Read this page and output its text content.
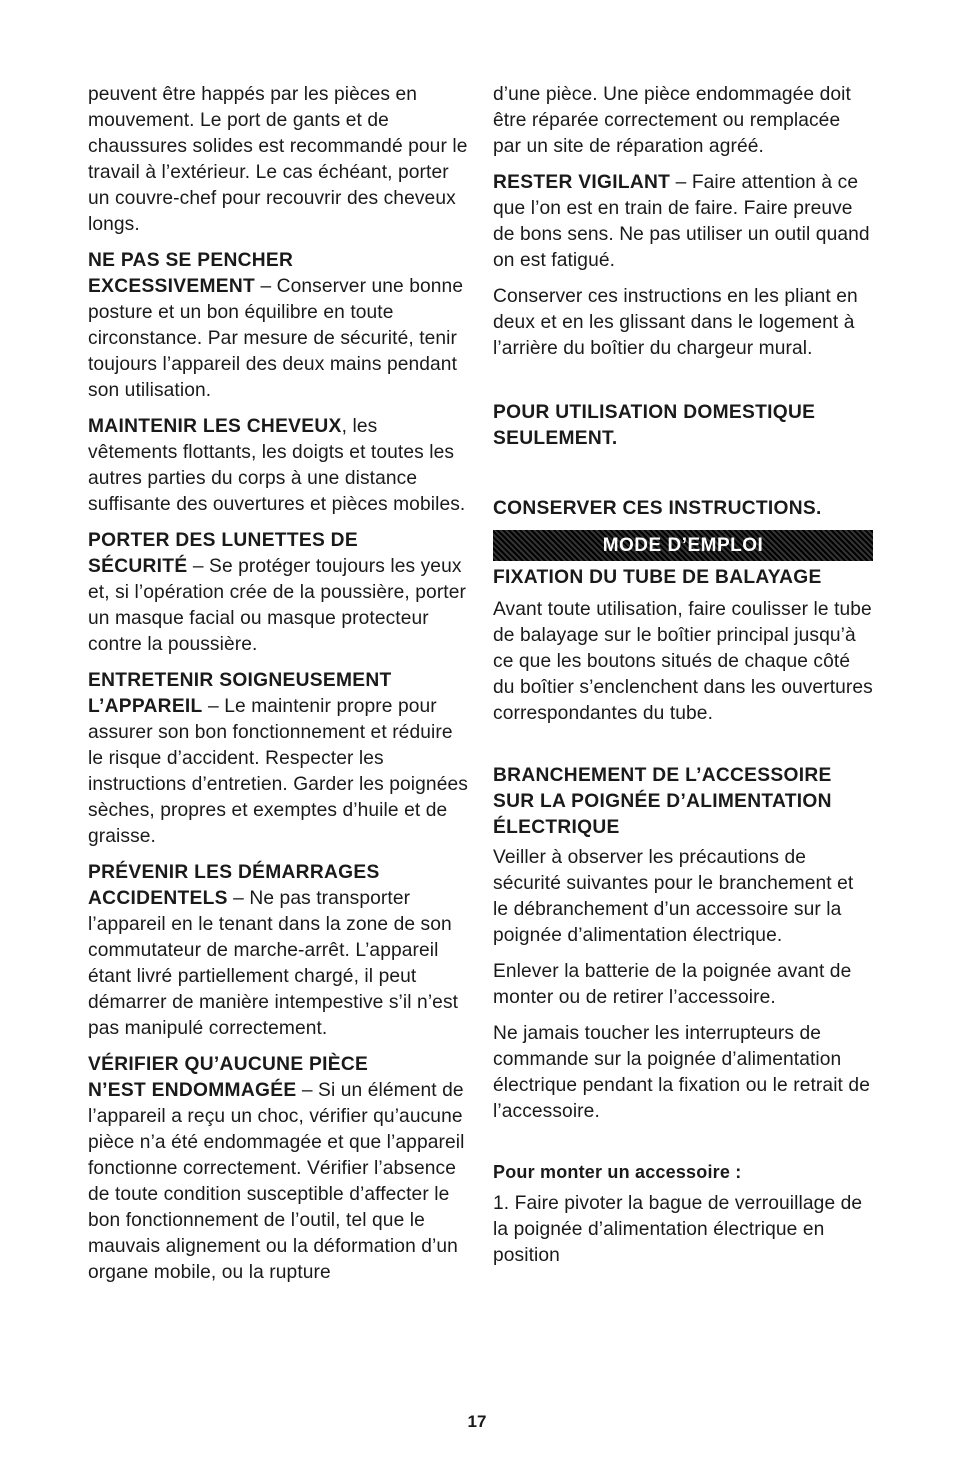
peuvent être happés par les pièces en mouvement. Le port de gants et de chaussures solides est recommandé pour le travail à l’extérieur. Le cas échéant, porter un couvre-chef pour recouvrir des cheveux longs.

NE PAS SE PENCHER
EXCESSIVEMENT – Conserver une bonne posture et un bon équilibre en toute circonstance. Par mesure de sécurité, tenir toujours l’appareil des deux mains pendant son utilisation.

MAINTENIR LES CHEVEUX, les vêtements flottants, les doigts et toutes les autres parties du corps à une distance suffisante des ouvertures et pièces mobiles.

PORTER DES LUNETTES DE
SÉCURITÉ – Se protéger toujours les yeux et, si l’opération crée de la poussière, porter un masque facial ou masque protecteur contre la poussière.

ENTRETENIR SOIGNEUSEMENT
L’APPAREIL – Le maintenir propre pour assurer son bon fonctionnement et réduire le risque d’accident. Respecter les instructions d’entretien. Garder les poignées sèches, propres et exemptes d’huile et de graisse.

PRÉVENIR LES DÉMARRAGES
ACCIDENTELS – Ne pas transporter l’appareil en le tenant dans la zone de son commutateur de marche-arrêt. L’appareil étant livré partiellement chargé, il peut démarrer de manière intempestive s’il n’est pas manipulé correctement.

VÉRIFIER QU’AUCUNE PIÈCE
N’EST ENDOMMAGÉE – Si un élément de l’appareil a reçu un choc, vérifier qu’aucune pièce n’a été endommagée et que l’appareil fonctionne correctement. Vérifier l’absence de toute condition susceptible d’affecter le bon fonctionnement de l’outil, tel que le mauvais alignement ou la déformation d’un organe mobile, ou la rupture

d’une pièce. Une pièce endommagée doit être réparée correctement ou remplacée par un site de réparation agréé.

RESTER VIGILANT – Faire attention à ce que l’on est en train de faire. Faire preuve de bons sens. Ne pas utiliser un outil quand on est fatigué.

Conserver ces instructions en les pliant en deux et en les glissant dans le logement à l’arrière du boîtier du chargeur mural.

POUR UTILISATION DOMESTIQUE SEULEMENT.

CONSERVER CES INSTRUCTIONS.

MODE D’EMPLOI

FIXATION DU TUBE DE BALAYAGE

Avant toute utilisation, faire coulisser le tube de balayage sur le boîtier principal jusqu’à ce que les boutons situés de chaque côté du boîtier s’enclenchent dans les ouvertures correspondantes du tube.

BRANCHEMENT DE L’ACCESSOIRE SUR LA POIGNÉE D’ALIMENTATION ÉLECTRIQUE

Veiller à observer les précautions de sécurité suivantes pour le branchement et le débranchement d’un accessoire sur la poignée d’alimentation électrique.

Enlever la batterie de la poignée avant de monter ou de retirer l’accessoire.

Ne jamais toucher les interrupteurs de commande sur la poignée d’alimentation électrique pendant la fixation ou le retrait de l’accessoire.

Pour monter un accessoire :

1. Faire pivoter la bague de verrouillage de la poignée d’alimentation électrique en position

17
